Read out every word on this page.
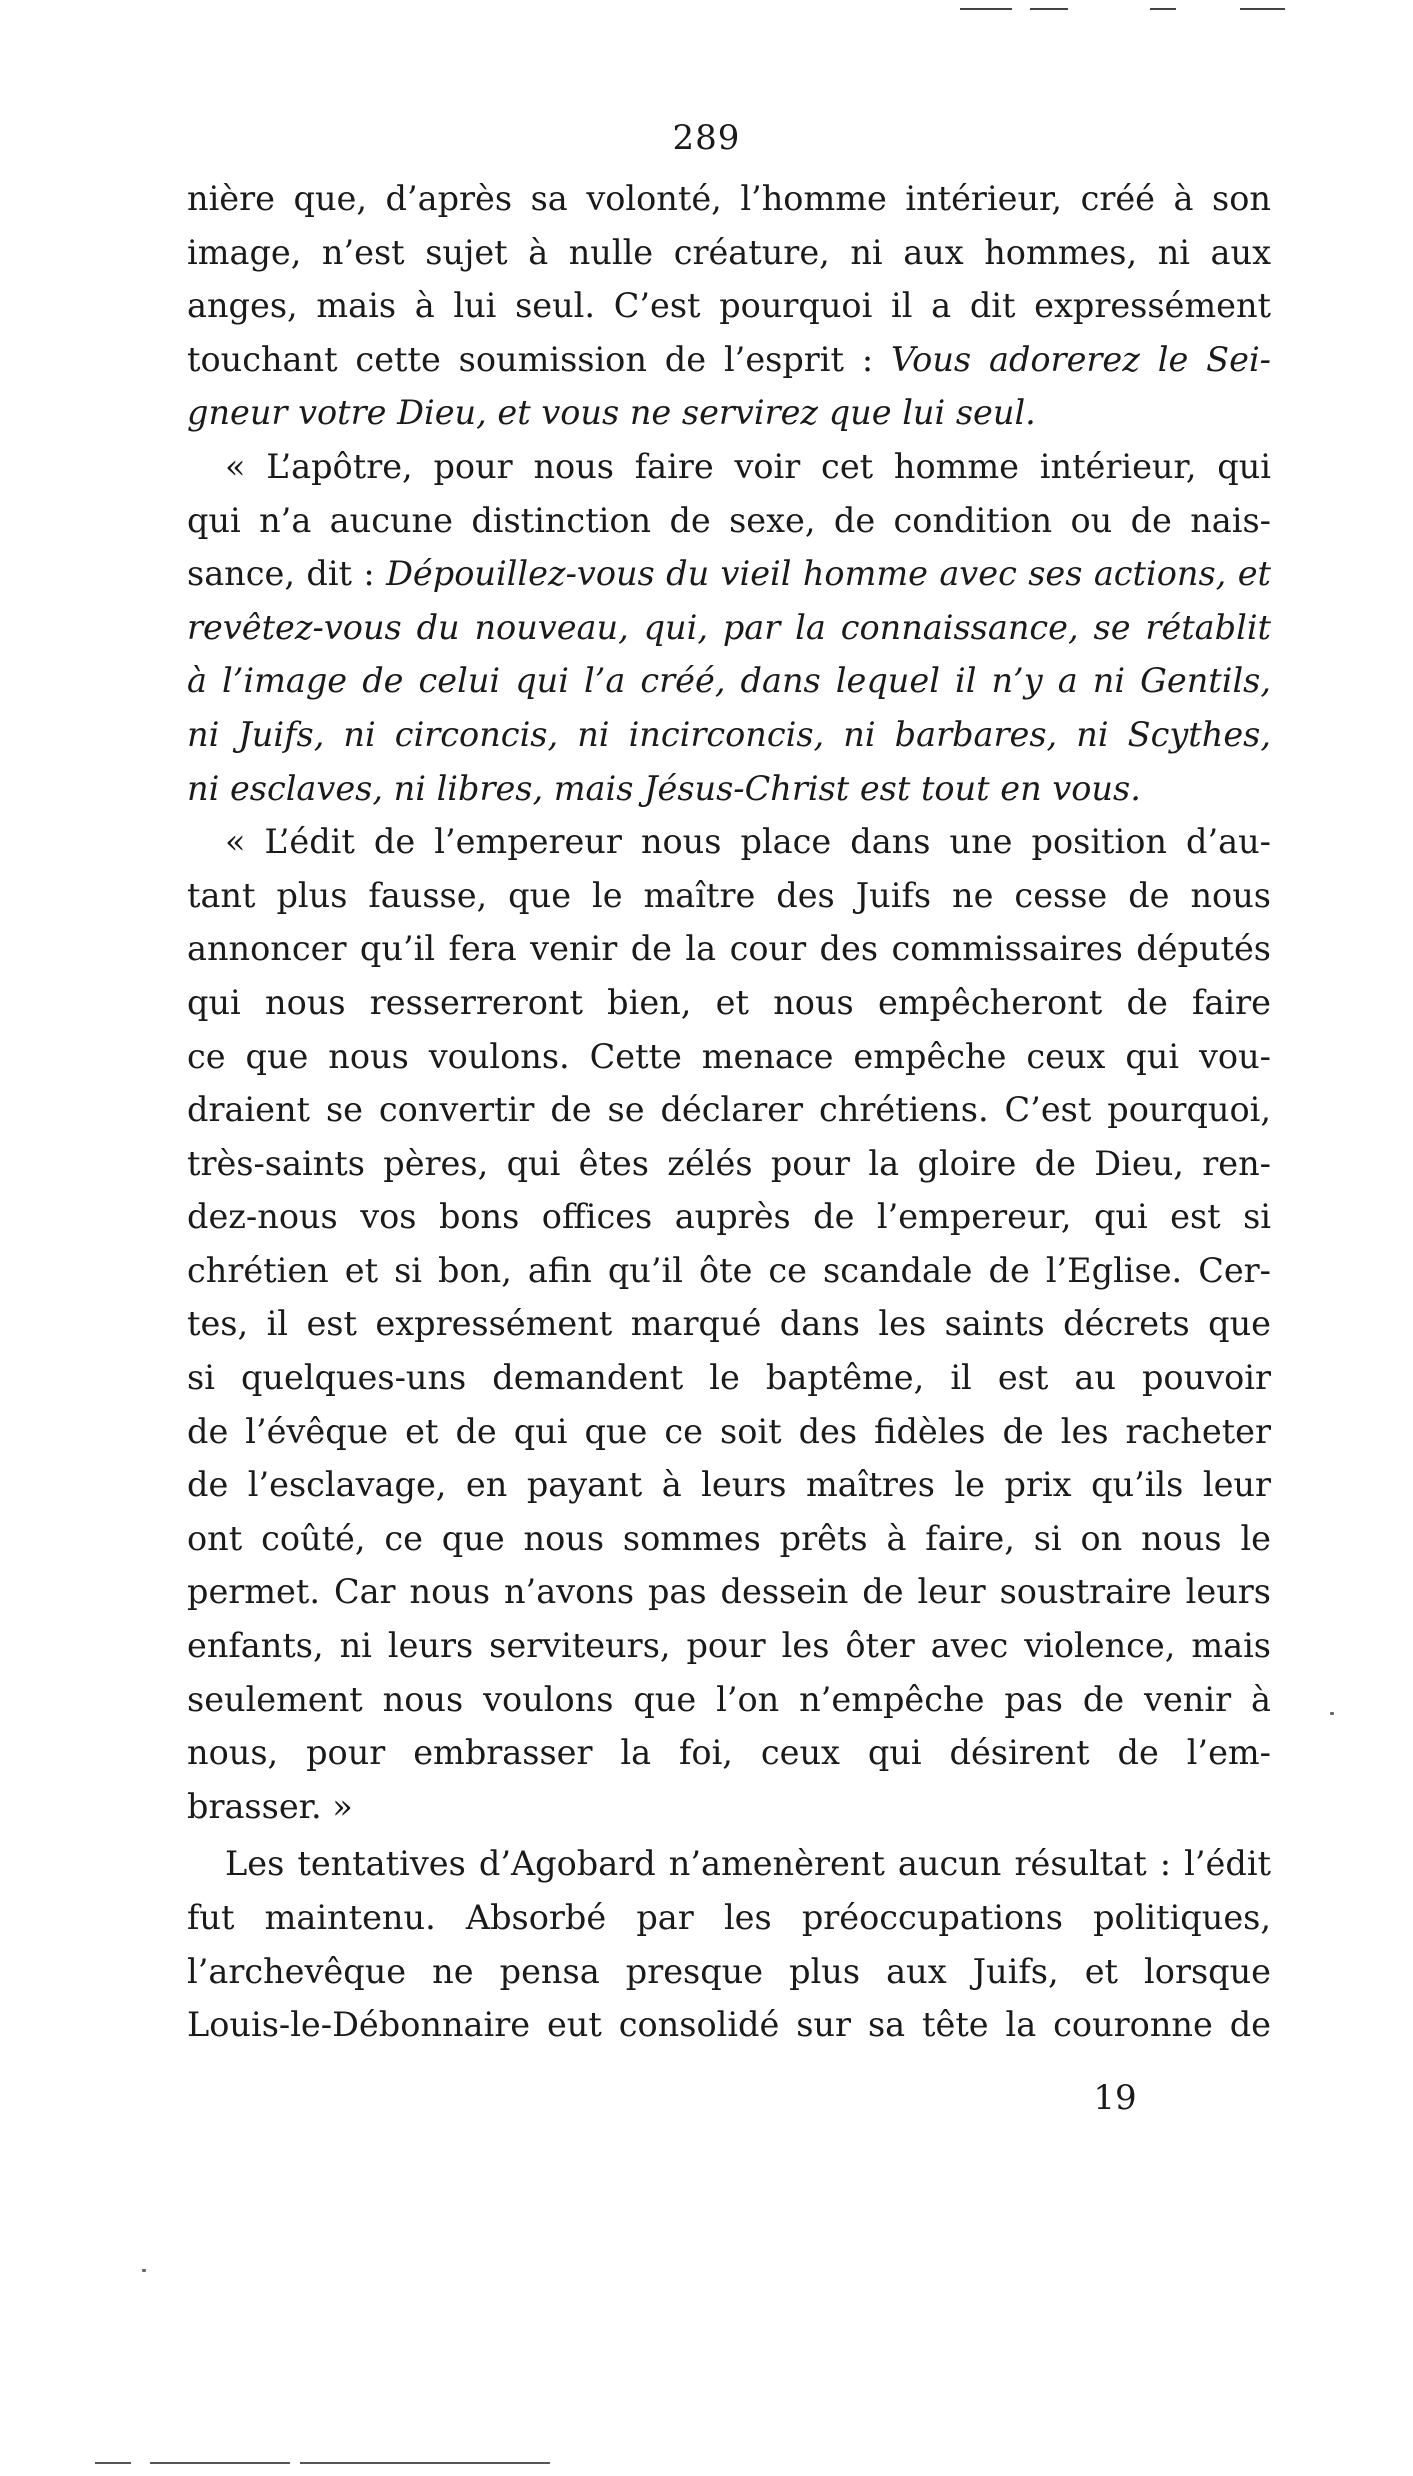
289
nière que, d’après sa volonté, l’homme intérieur, créé à son
image, n’est sujet à nulle créature, ni aux hommes, ni aux
anges, mais à lui seul. C’est pourquoi il a dit expressément
touchant cette soumission de l’esprit : Vous adorerez le Sei-
gneur votre Dieu, et vous ne servirez que lui seul.
« L’apôtre, pour nous faire voir cet homme intérieur, qui
qui n’a aucune distinction de sexe, de condition ou de nais-
sance, dit : Dépouillez-vous du vieil homme avec ses actions, et
revêtez-vous du nouveau, qui, par la connaissance, se rétablit
à l’image de celui qui l’a créé, dans lequel il n’y a ni Gentils,
ni Juifs, ni circoncis, ni incirconcis, ni barbares, ni Scythes,
ni esclaves, ni libres, mais Jésus-Christ est tout en vous.
« L’édit de l’empereur nous place dans une position d’au-
tant plus fausse, que le maître des Juifs ne cesse de nous
annoncer qu’il fera venir de la cour des commissaires députés
qui nous resserreront bien, et nous empêcheront de faire
ce que nous voulons. Cette menace empêche ceux qui vou-
draient se convertir de se déclarer chrétiens. C’est pourquoi,
très-saints pères, qui êtes zélés pour la gloire de Dieu, ren-
dez-nous vos bons offices auprès de l’empereur, qui est si
chrétien et si bon, afin qu’il ôte ce scandale de l’Eglise. Cer-
tes, il est expressément marqué dans les saints décrets que
si quelques-uns demandent le baptême, il est au pouvoir
de l’évêque et de qui que ce soit des fidèles de les racheter
de l’esclavage, en payant à leurs maîtres le prix qu’ils leur
ont coûté, ce que nous sommes prêts à faire, si on nous le
permet. Car nous n’avons pas dessein de leur soustraire leurs
enfants, ni leurs serviteurs, pour les ôter avec violence, mais
seulement nous voulons que l’on n’empêche pas de venir à
nous, pour embrasser la foi, ceux qui désirent de l’em-
brasser. »
Les tentatives d’Agobard n’amenèrent aucun résultat : l’édit
fut maintenu. Absorbé par les préoccupations politiques,
l’archevêque ne pensa presque plus aux Juifs, et lorsque
Louis-le-Débonnaire eut consolidé sur sa tête la couronne de
19
